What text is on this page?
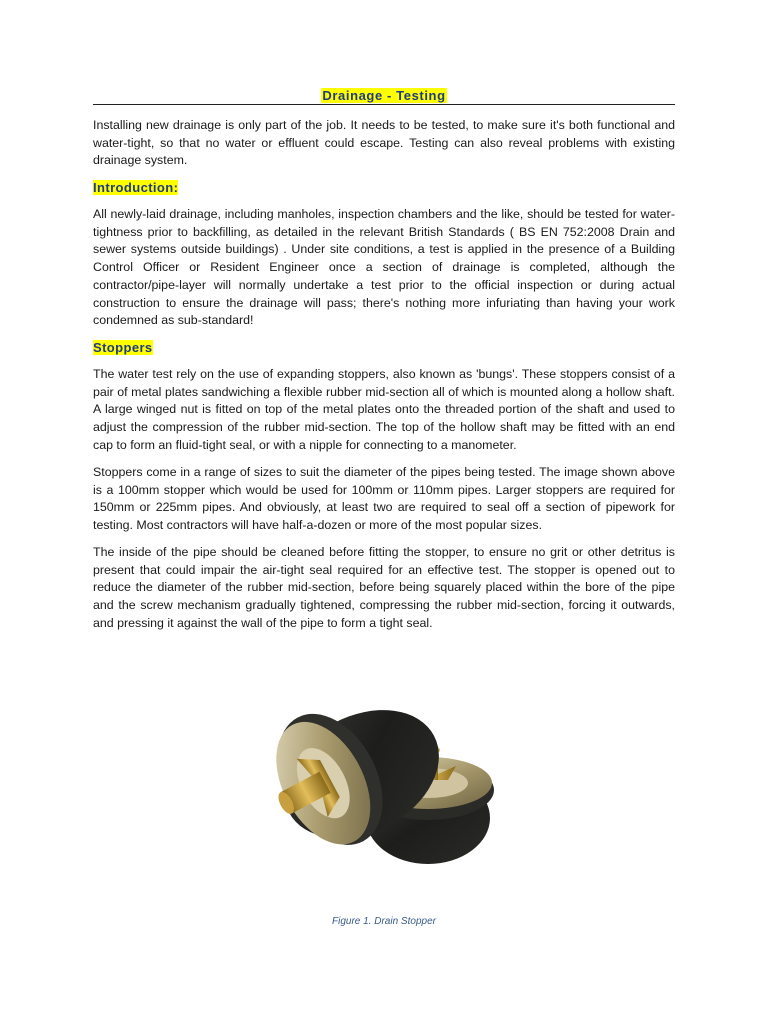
Drainage - Testing

Installing new drainage is only part of the job. It needs to be tested, to make sure it's both functional and water-tight, so that no water or effluent could escape. Testing can also reveal problems with existing drainage system.

Introduction:

All newly-laid drainage, including manholes, inspection chambers and the like, should be tested for water-tightness prior to backfilling, as detailed in the relevant British Standards ( BS EN 752:2008 Drain and sewer systems outside buildings) . Under site conditions, a test is applied in the presence of a Building Control Officer or Resident Engineer once a section of drainage is completed, although the contractor/pipe-layer will normally undertake a test prior to the official inspection or during actual construction to ensure the drainage will pass; there's nothing more infuriating than having your work condemned as sub-standard!

Stoppers

The water test rely on the use of expanding stoppers, also known as 'bungs'. These stoppers consist of a pair of metal plates sandwiching a flexible rubber mid-section all of which is mounted along a hollow shaft. A large winged nut is fitted on top of the metal plates onto the threaded portion of the shaft and used to adjust the compression of the rubber mid-section. The top of the hollow shaft may be fitted with an end cap to form an fluid-tight seal, or with a nipple for connecting to a manometer.

Stoppers come in a range of sizes to suit the diameter of the pipes being tested. The image shown above is a 100mm stopper which would be used for 100mm or 110mm pipes. Larger stoppers are required for 150mm or 225mm pipes. And obviously, at least two are required to seal off a section of pipework for testing. Most contractors will have half-a-dozen or more of the most popular sizes.

The inside of the pipe should be cleaned before fitting the stopper, to ensure no grit or other detritus is present that could impair the air-tight seal required for an effective test. The stopper is opened out to reduce the diameter of the rubber mid-section, before being squarely placed within the bore of the pipe and the screw mechanism gradually tightened, compressing the rubber mid-section, forcing it outwards, and pressing it against the wall of the pipe to form a tight seal.

Figure 1. Drain Stopper
